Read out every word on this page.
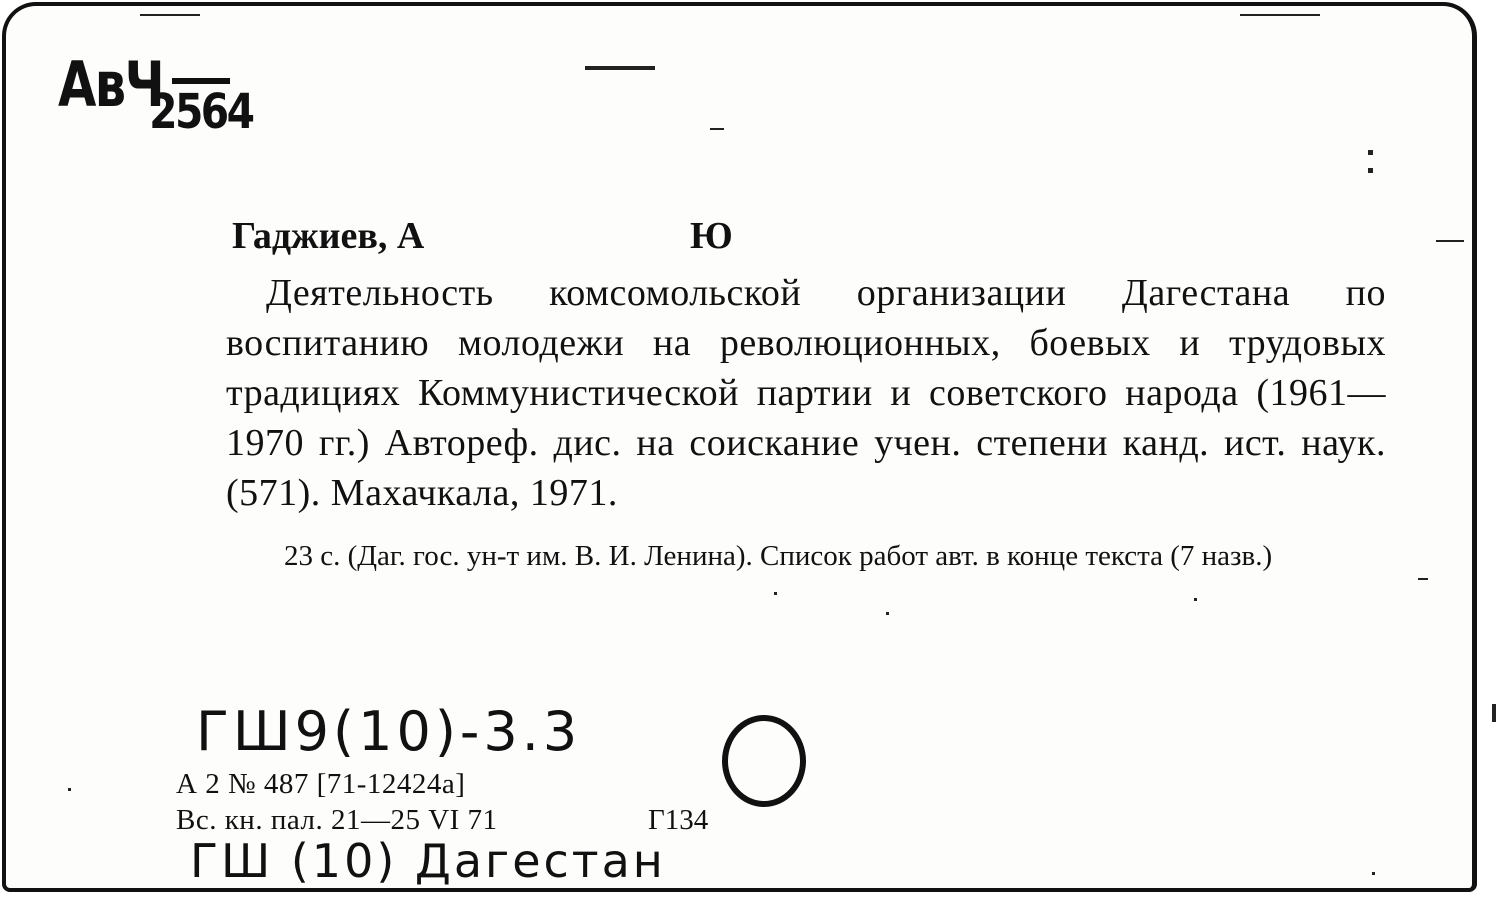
АвЧ
2564
Гаджиев, А	Ю
Деятельность комсомольской организации Дагестана по воспитанию молодежи на революционных, боевых и трудовых традициях Коммунистической партии и советского народа (1961—1970 гг.) Автореф. дис. на соискание учен. степени канд. ист. наук. (571). Махачкала, 1971.
23 с. (Даг. гос. ун-т им. В. И. Ленина). Список работ авт. в конце текста (7 назв.)
ГШ9(10)-3.3
А 2 № 487 [71-12424а]
Вс. кн. пал. 21—25 VI 71	Г134
ГШ (10) Дагестан
